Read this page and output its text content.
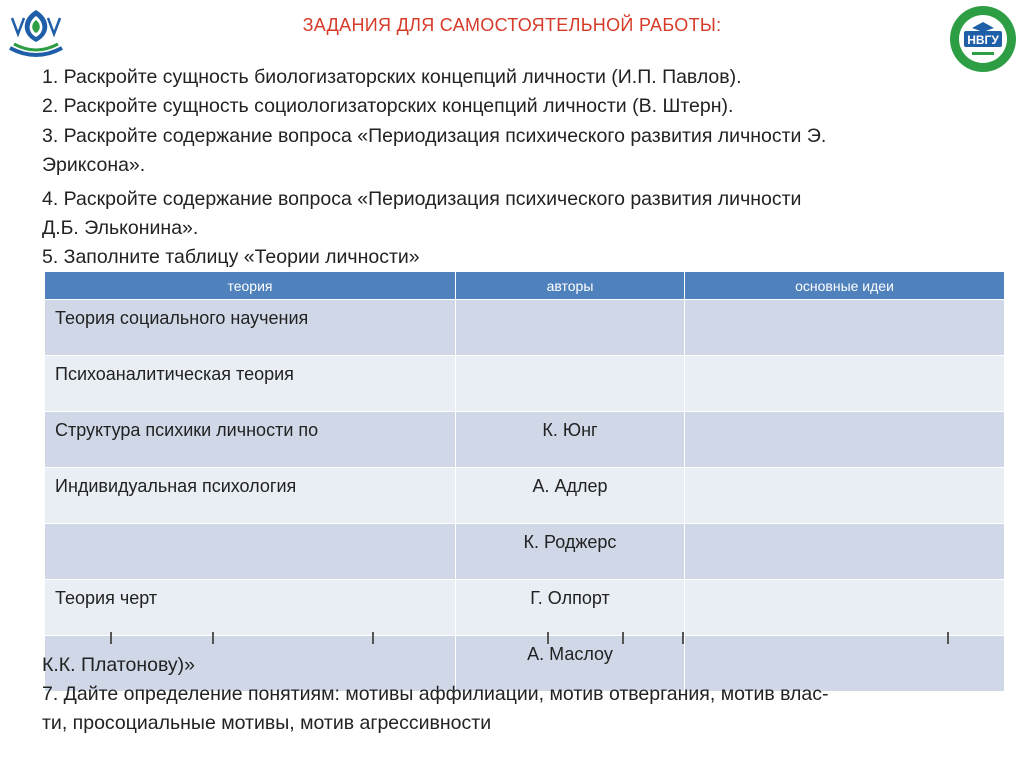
НВГУ
ЗАДАНИЯ ДЛЯ САМОСТОЯТЕЛЬНОЙ РАБОТЫ:

1. Раскройте сущность биологизаторских концепций личности (И.П. Павлов).

2. Раскройте сущность социологизаторских концепций личности (В. Штерн).

3. Раскройте содержание вопроса «Периодизация психического развития личности Э.

Эриксона».

4. Раскройте содержание вопроса «Периодизация психического развития личности

Д.Б. Эльконина».

5. Заполните таблицу «Теории личности»

теория	авторы	основные идеи
Теория социального научения		
Психоаналитическая теория		
Структура психики личности по	К. Юнг	
Индивидуальная психология	А. Адлер	
	К. Роджерс	
Теория черт	Г. Олпорт	
	А. Маслоу	

К.К. Платонову)»

7. Дайте определение понятиям: мотивы аффилиации, мотив отвергания, мотив влас-

ти, просоциальные мотивы, мотив агрессивности
